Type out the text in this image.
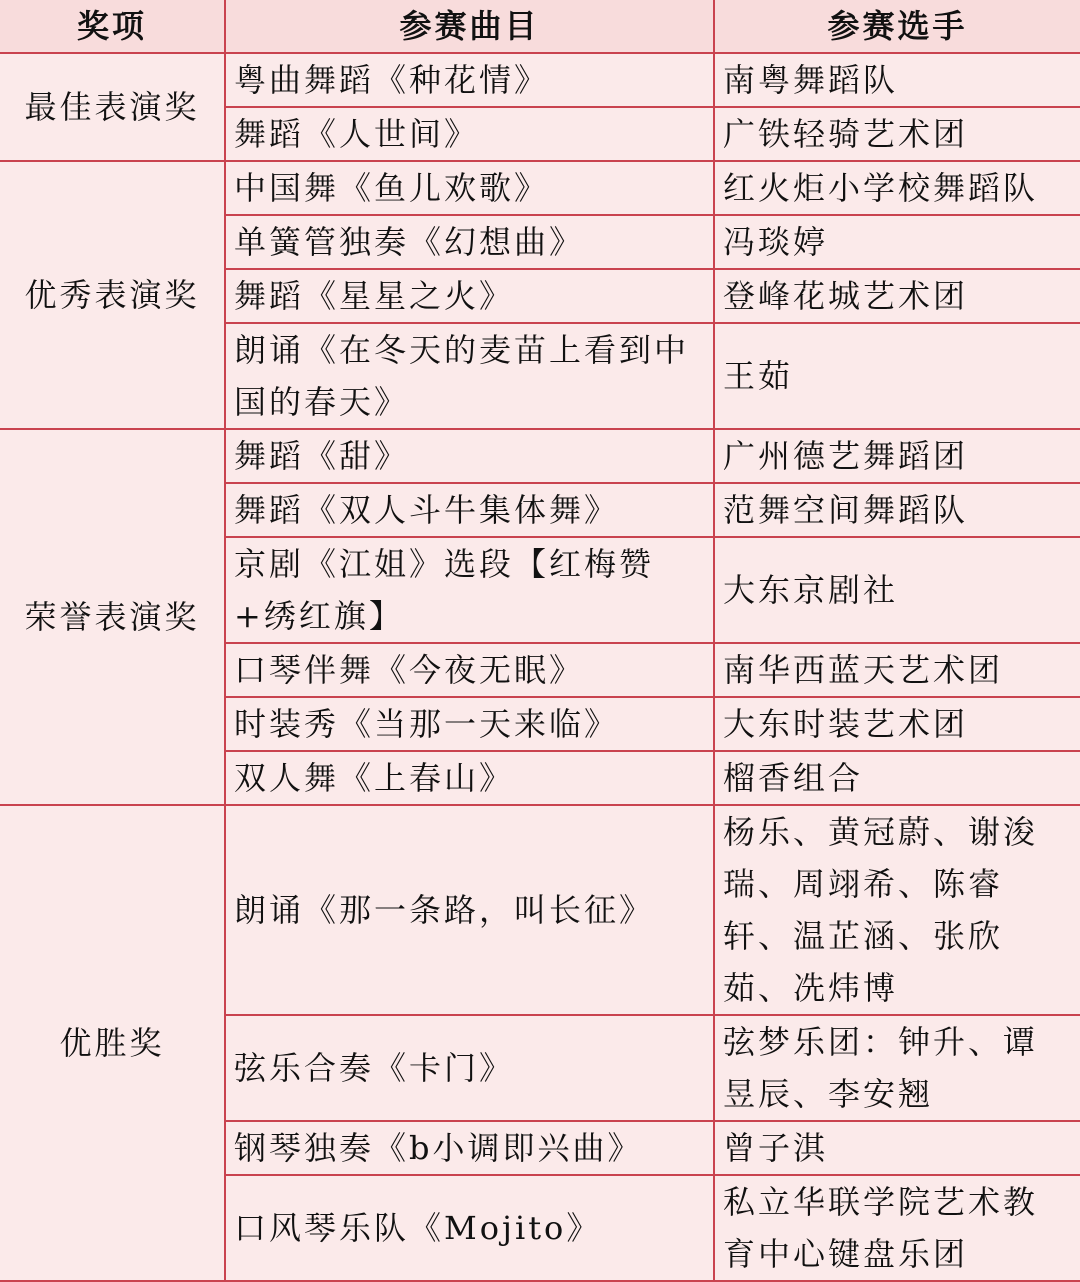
奖项	参赛曲目	参赛选手
最佳表演奖	粤曲舞蹈《种花情》	南粤舞蹈队
	舞蹈《人世间》	广铁轻骑艺术团
优秀表演奖	中国舞《鱼儿欢歌》	红火炬小学校舞蹈队
	单簧管独奏《幻想曲》	冯琰婷
	舞蹈《星星之火》	登峰花城艺术团
	朗诵《在冬天的麦苗上看到中国的春天》	王茹
荣誉表演奖	舞蹈《甜》	广州德艺舞蹈团
	舞蹈《双人斗牛集体舞》	范舞空间舞蹈队
	京剧《江姐》选段【红梅赞+绣红旗】	大东京剧社
	口琴伴舞《今夜无眠》	南华西蓝天艺术团
	时装秀《当那一天来临》	大东时装艺术团
	双人舞《上春山》	榴香组合
优胜奖	朗诵《那一条路，叫长征》	杨乐、黄冠蔚、谢浚瑞、周翊希、陈睿轩、温芷涵、张欣茹、冼炜博
	弦乐合奏《卡门》	弦梦乐团：钟升、谭昱辰、李安翘
	钢琴独奏《b小调即兴曲》	曾子淇
	口风琴乐队《Mojito》	私立华联学院艺术教育中心键盘乐团
